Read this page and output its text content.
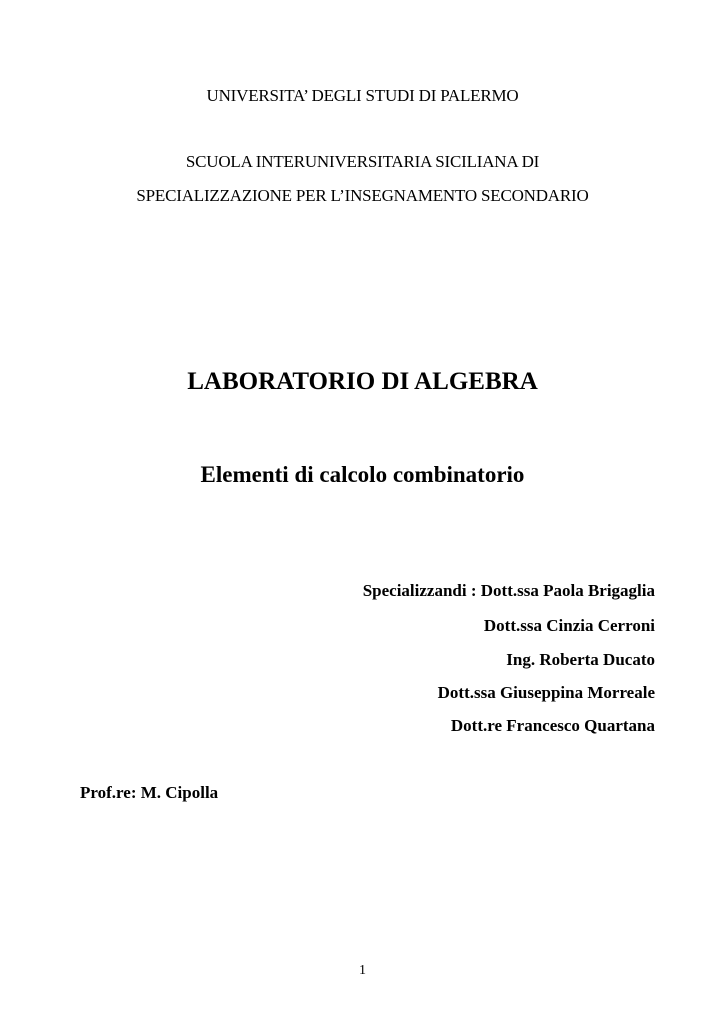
UNIVERSITA’ DEGLI STUDI DI PALERMO
SCUOLA INTERUNIVERSITARIA SICILIANA DI
SPECIALIZZAZIONE PER L’INSEGNAMENTO SECONDARIO
LABORATORIO DI ALGEBRA
Elementi di calcolo combinatorio
Specializzandi : Dott.ssa Paola Brigaglia
Dott.ssa Cinzia Cerroni
Ing. Roberta Ducato
Dott.ssa Giuseppina Morreale
Dott.re Francesco Quartana
Prof.re: M. Cipolla
1
